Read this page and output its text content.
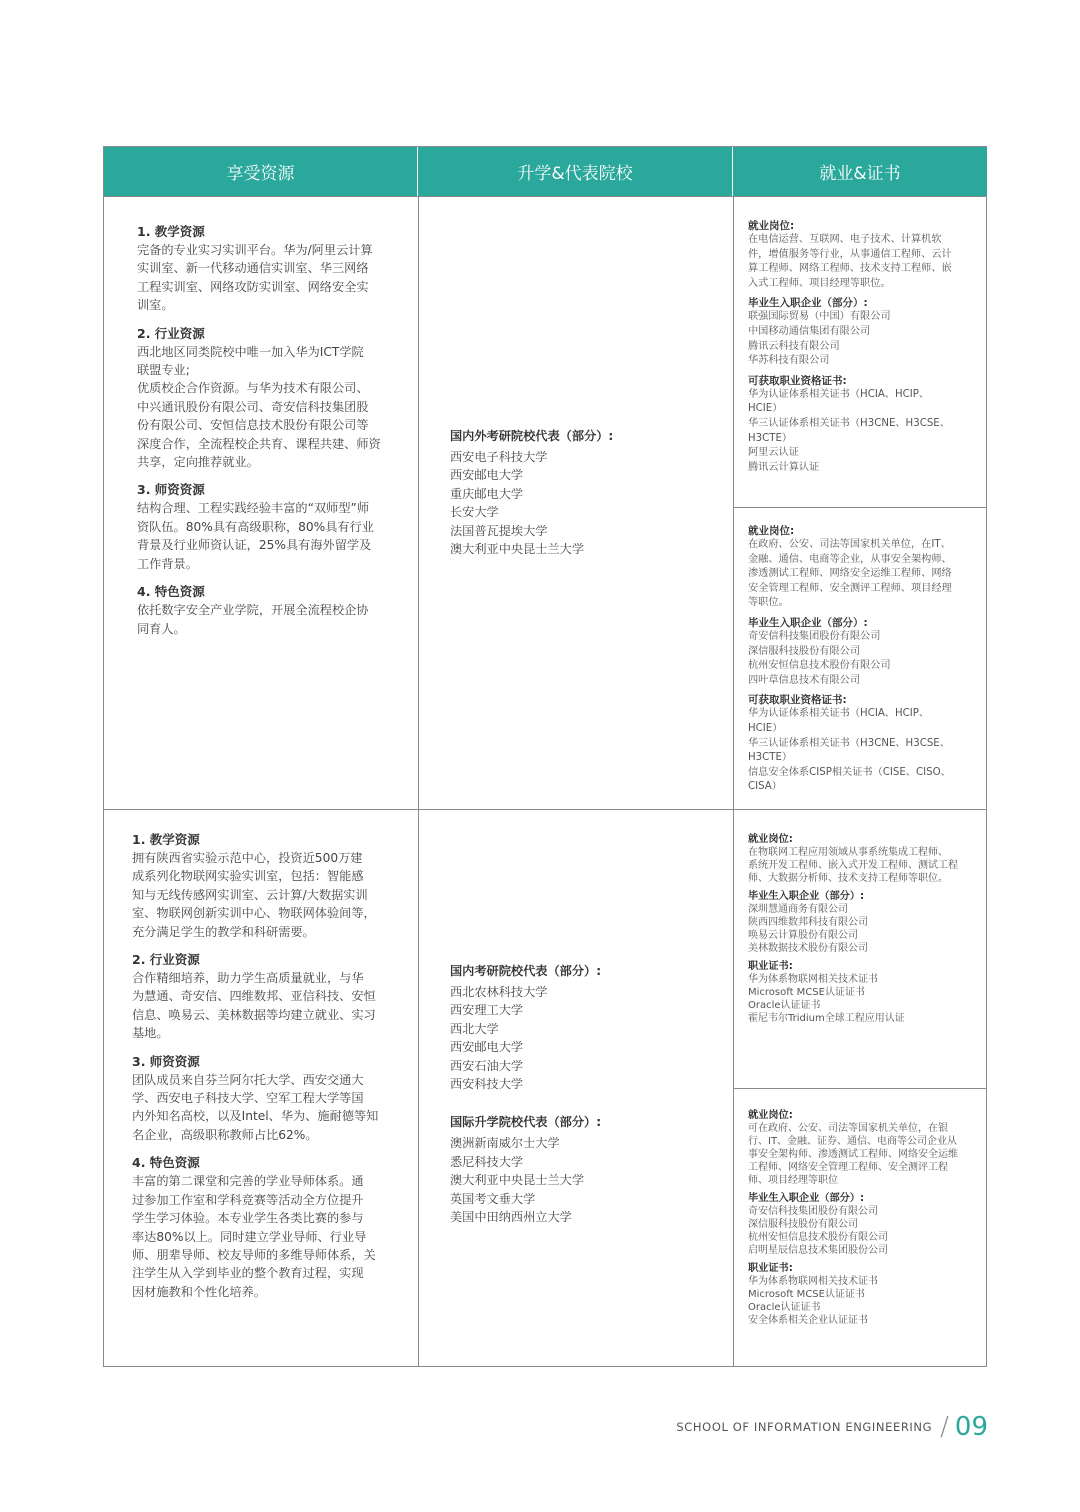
享受资源	升学&代表院校	就业&证书
1. 教学资源
完备的专业实习实训平台。华为/阿里云计算
实训室、新一代移动通信实训室、华三网络
工程实训室、网络攻防实训室、网络安全实
训室。
2. 行业资源
西北地区同类院校中唯一加入华为ICT学院
联盟专业;
优质校企合作资源。与华为技术有限公司、
中兴通讯股份有限公司、奇安信科技集团股
份有限公司、安恒信息技术股份有限公司等
深度合作，全流程校企共育、课程共建、师资
共享，定向推荐就业。
3. 师资资源
结构合理、工程实践经验丰富的“双师型”师
资队伍。80%具有高级职称，80%具有行业
背景及行业师资认证，25%具有海外留学及
工作背景。
4. 特色资源
依托数字安全产业学院，开展全流程校企协
同育人。
国内外考研院校代表（部分）:
西安电子科技大学
西安邮电大学
重庆邮电大学
长安大学
法国普瓦提埃大学
澳大利亚中央昆士兰大学
就业岗位:
在电信运营、互联网、电子技术、计算机软
件，增值服务等行业，从事通信工程师、云计
算工程师、网络工程师、技术支持工程师、嵌
入式工程师、项目经理等职位。
毕业生入职企业（部分）:
联强国际贸易（中国）有限公司
中国移动通信集团有限公司
腾讯云科技有限公司
华苏科技有限公司
可获取职业资格证书:
华为认证体系相关证书（HCIA、HCIP、
HCIE）
华三认证体系相关证书（H3CNE、H3CSE、
H3CTE）
阿里云认证
腾讯云计算认证
就业岗位:
在政府、公安、司法等国家机关单位，在IT、
金融、通信、电商等企业，从事安全架构师、
渗透测试工程师、网络安全运维工程师、网络
安全管理工程师、安全测评工程师、项目经理
等职位。
毕业生入职企业（部分）:
奇安信科技集团股份有限公司
深信服科技股份有限公司
杭州安恒信息技术股份有限公司
四叶草信息技术有限公司
可获取职业资格证书:
华为认证体系相关证书（HCIA、HCIP、
HCIE）
华三认证体系相关证书（H3CNE、H3CSE、
H3CTE）
信息安全体系CISP相关证书（CISE、CISO、
CISA）
1. 教学资源
拥有陕西省实验示范中心，投资近500万建
成系列化物联网实验实训室，包括：智能感
知与无线传感网实训室、云计算/大数据实训
室、物联网创新实训中心、物联网体验间等，
充分满足学生的教学和科研需要。
2. 行业资源
合作精细培养，助力学生高质量就业，与华
为慧通、奇安信、四维数邦、亚信科技、安恒
信息、唤易云、美林数据等均建立就业、实习
基地。
3. 师资资源
团队成员来自芬兰阿尔托大学、西安交通大
学、西安电子科技大学、空军工程大学等国
内外知名高校，以及Intel、华为、施耐德等知
名企业，高级职称教师占比62%。
4. 特色资源
丰富的第二课堂和完善的学业导师体系。通
过参加工作室和学科竞赛等活动全方位提升
学生学习体验。本专业学生各类比赛的参与
率达80%以上。同时建立学业导师、行业导
师、朋辈导师、校友导师的多维导师体系，关
注学生从入学到毕业的整个教育过程，实现
因材施教和个性化培养。
国内考研院校代表（部分）:
西北农林科技大学
西安理工大学
西北大学
西安邮电大学
西安石油大学
西安科技大学
国际升学院校代表（部分）:
澳洲新南威尔士大学
悉尼科技大学
澳大利亚中央昆士兰大学
英国考文垂大学
美国中田纳西州立大学
就业岗位:
在物联网工程应用领域从事系统集成工程师、
系统开发工程师、嵌入式开发工程师、测试工程
师、大数据分析师、技术支持工程师等职位。
毕业生入职企业（部分）:
深圳慧通商务有限公司
陕西四维数邦科技有限公司
唤易云计算股份有限公司
美林数据技术股份有限公司
职业证书:
华为体系物联网相关技术证书
Microsoft MCSE认证证书
Oracle认证证书
霍尼韦尔Tridium全球工程应用认证
就业岗位:
可在政府、公安、司法等国家机关单位，在银
行、IT、金融、证券、通信、电商等公司企业从
事安全架构师、渗透测试工程师、网络安全运维
工程师、网络安全管理工程师、安全测评工程
师、项目经理等职位
毕业生入职企业（部分）:
奇安信科技集团股份有限公司
深信服科技股份有限公司
杭州安恒信息技术股份有限公司
启明星辰信息技术集团股份公司
职业证书:
华为体系物联网相关技术证书
Microsoft MCSE认证证书
Oracle认证证书
安全体系相关企业认证证书
SCHOOL OF INFORMATION ENGINEERING / 09
